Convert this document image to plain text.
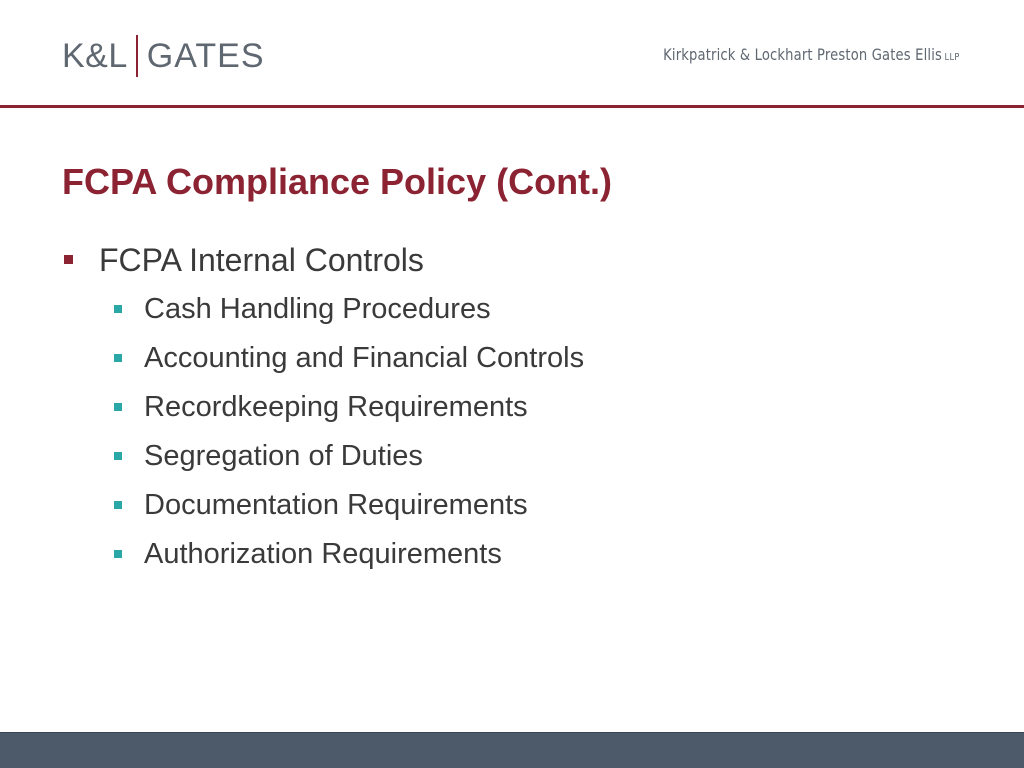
K&L GATES	Kirkpatrick & Lockhart Preston Gates Ellis LLP
FCPA Compliance Policy (Cont.)
FCPA Internal Controls
Cash Handling Procedures
Accounting and Financial Controls
Recordkeeping Requirements
Segregation of Duties
Documentation Requirements
Authorization Requirements
